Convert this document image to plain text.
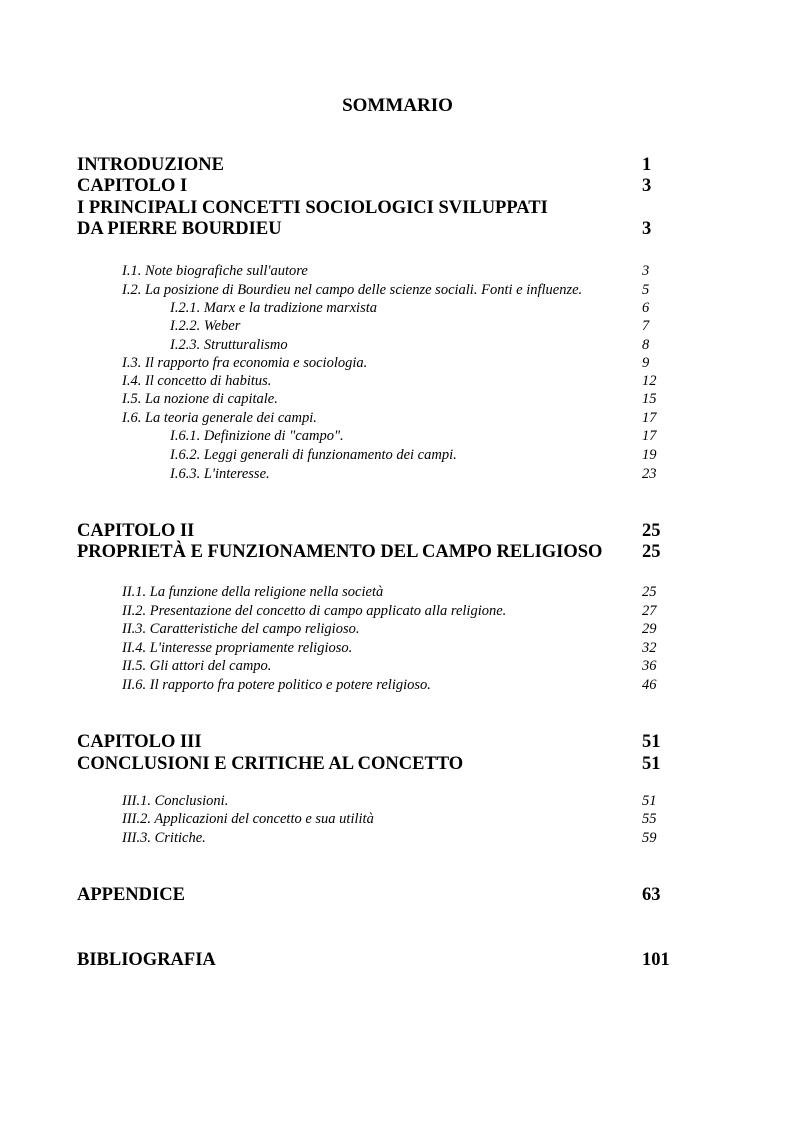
SOMMARIO
INTRODUZIONE	1
CAPITOLO I	3
I PRINCIPALI CONCETTI SOCIOLOGICI SVILUPPATI
DA PIERRE BOURDIEU	3
I.1. Note biografiche sull'autore	3
I.2. La posizione di Bourdieu nel campo delle scienze sociali. Fonti e influenze.	5
I.2.1. Marx e la tradizione marxista	6
I.2.2. Weber	7
I.2.3. Strutturalismo	8
I.3. Il rapporto fra economia e sociologia.	9
I.4. Il concetto di habitus.	12
I.5. La nozione di capitale.	15
I.6. La teoria generale dei campi.	17
I.6.1. Definizione di "campo".	17
I.6.2. Leggi generali di funzionamento dei campi.	19
I.6.3. L'interesse.	23
CAPITOLO II	25
PROPRIETÀ E FUNZIONAMENTO DEL CAMPO RELIGIOSO 25
II.1. La funzione della religione nella società	25
II.2. Presentazione del concetto di campo applicato alla religione.	27
II.3. Caratteristiche del campo religioso.	29
II.4. L'interesse propriamente religioso.	32
II.5. Gli attori del campo.	36
II.6. Il rapporto fra potere politico e potere religioso.	46
CAPITOLO III	51
CONCLUSIONI E CRITICHE AL CONCETTO	51
III.1. Conclusioni.	51
III.2. Applicazioni del concetto e sua utilità	55
III.3. Critiche.	59
APPENDICE	63
BIBLIOGRAFIA	101
